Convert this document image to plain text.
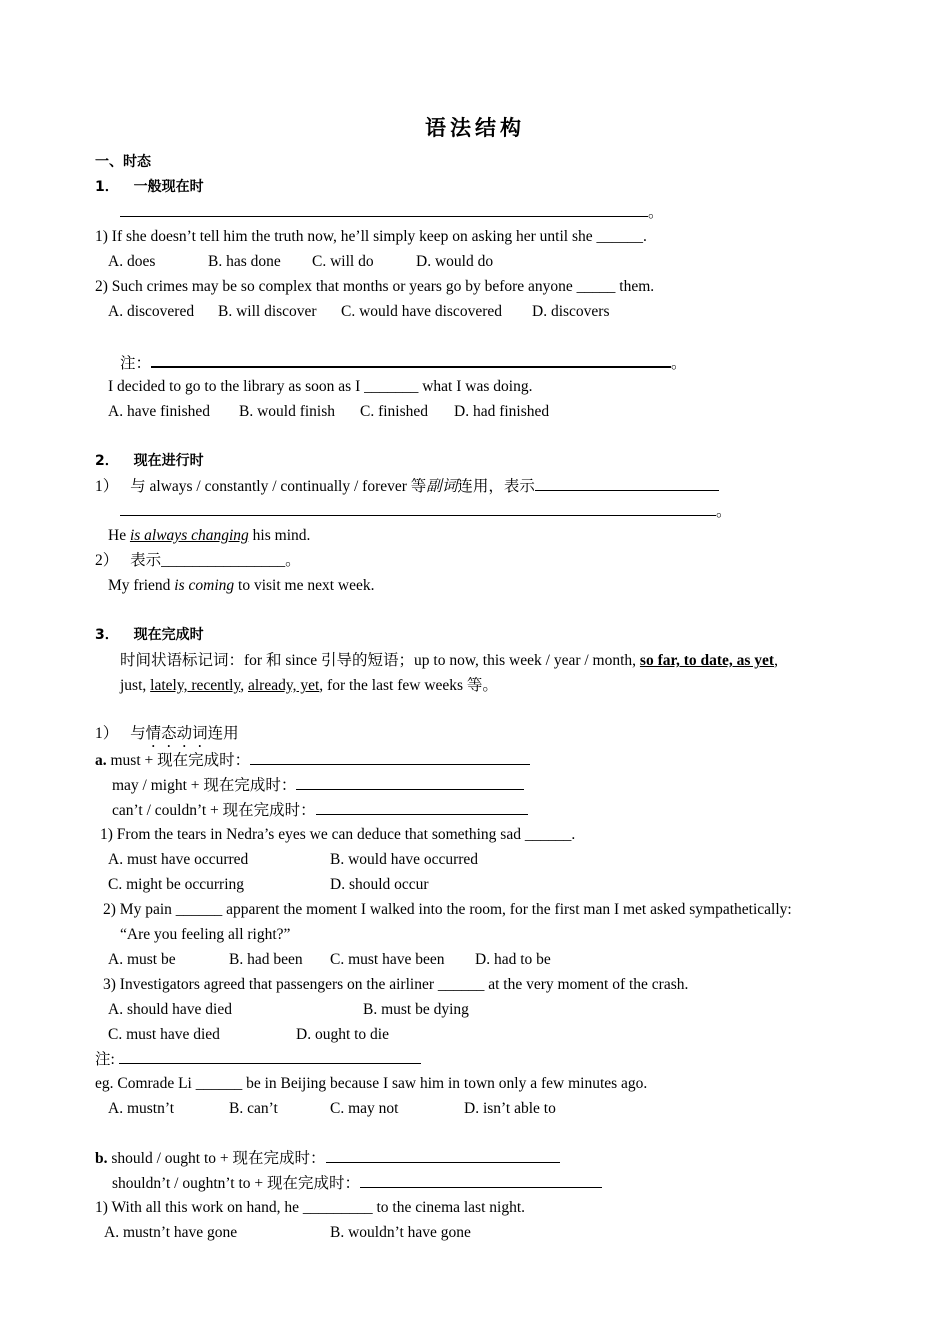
语法结构
一、时态
1． 一般现在时
。
1) If she doesn’t tell him the truth now, he’ll simply keep on asking her until she ______.
A. does	B. has done C. will do	D. would do
2) Such crimes may be so complex that months or years go by before anyone _____ them.
A. discovered B. will discover C. would have discovered D. discovers
注：	。
I decided to go to the library as soon as I _______ what I was doing.
A. have finished B. would finish C. finished D. had finished
2． 现在进行时
1） 与 always / constantly / continually / forever 等副词连用，表示
。
He is always changing his mind.
2） 表示________________。
My friend is coming to visit me next week.
3． 现在完成时
时间状语标记词：for 和 since 引导的短语；up to now, this week / year / month, so far, to date, as yet,
just, lately, recently, already, yet, for the last few weeks 等。
1） 与情态动词连用
a. must + 现在完成时：
may / might + 现在完成时：
can’t / couldn’t + 现在完成时：
1) From the tears in Nedra’s eyes we can deduce that something sad ______.
A. must have occurred	B. would have occurred
C. might be occurring	D. should occur
2) My pain ______ apparent the moment I walked into the room, for the first man I met asked sympathetically:
“Are you feeling all right?”
A. must be	B. had been C. must have been D. had to be
3) Investigators agreed that passengers on the airliner ______ at the very moment of the crash.
A. should have died	B. must be dying
C. must have died	D. ought to die
注:
eg. Comrade Li ______ be in Beijing because I saw him in town only a few minutes ago.
A. mustn’t	B. can’t	C. may not	D. isn’t able to
b. should / ought to + 现在完成时：
shouldn’t / oughtn’t to + 现在完成时：
1) With all this work on hand, he _________ to the cinema last night.
A. mustn’t have gone	B. wouldn’t have gone
